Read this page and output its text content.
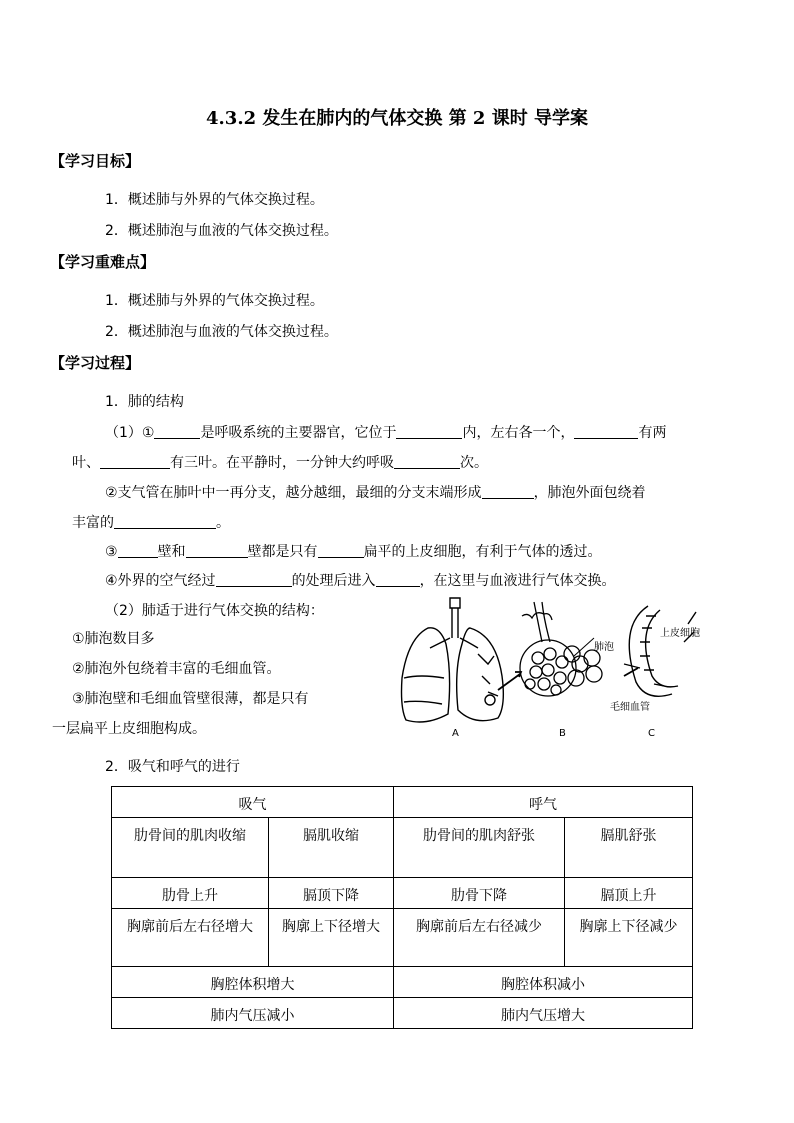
4.3.2 发生在肺内的气体交换 第 2 课时 导学案
【学习目标】
1．概述肺与外界的气体交换过程。
2．概述肺泡与血液的气体交换过程。
【学习重难点】
1．概述肺与外界的气体交换过程。
2．概述肺泡与血液的气体交换过程。
【学习过程】
1．肺的结构
（1）①	是呼吸系统的主要器官，它位于	内，左右各一个，	有两
叶、	有三叶。在平静时，一分钟大约呼吸	次。
②支气管在肺叶中一再分支，越分越细，最细的分支末端形成	，肺泡外面包绕着
丰富的	。
③	壁和	壁都是只有	扁平的上皮细胞，有利于气体的透过。
④外界的空气经过	的处理后进入	，在这里与血液进行气体交换。
（2）肺适于进行气体交换的结构：
①肺泡数目多
②肺泡外包绕着丰富的毛细血管。
③肺泡壁和毛细血管壁很薄，都是只有
一层扁平上皮细胞构成。
肺泡
上皮细胞
毛细血管
A	B	C
2．吸气和呼气的进行
吸气		呼气	
肋骨间的肌肉收缩	膈肌收缩	肋骨间的肌肉舒张	膈肌舒张
肋骨上升	膈顶下降	肋骨下降	膈顶上升
胸廓前后左右径增大	胸廓上下径增大	胸廓前后左右径减少	胸廓上下径减少
胸腔体积增大		胸腔体积减小	
肺内气压减小		肺内气压增大	
